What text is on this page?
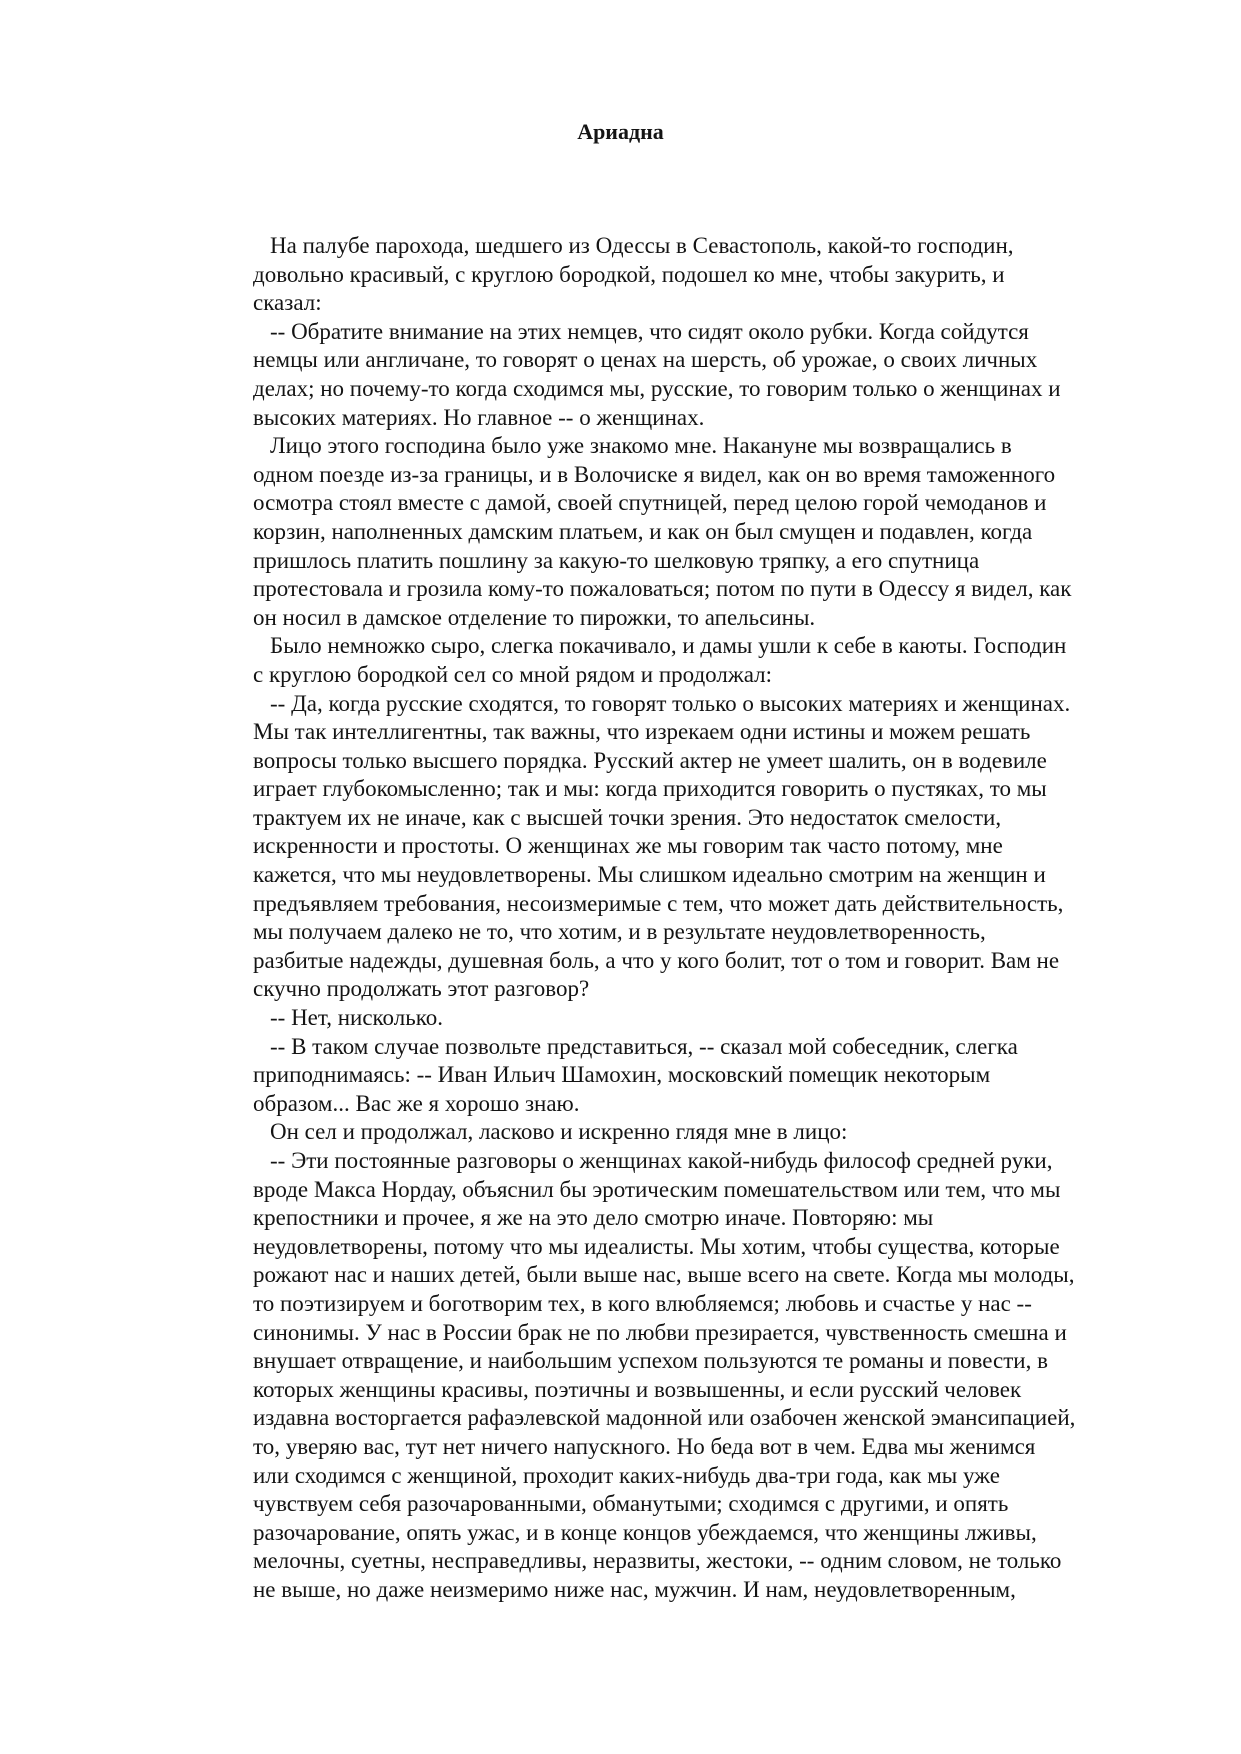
Ариадна
На палубе парохода, шедшего из Одессы в Севастополь, какой-то господин,
довольно красивый, с круглою бородкой, подошел ко мне, чтобы закурить, и
сказал:
-- Обратите внимание на этих немцев, что сидят около рубки. Когда сойдутся
немцы или англичане, то говорят о ценах на шерсть, об урожае, о своих личных
делах; но почему-то когда сходимся мы, русские, то говорим только о женщинах и
высоких материях. Но главное -- о женщинах.
Лицо этого господина было уже знакомо мне. Накануне мы возвращались в
одном поезде из-за границы, и в Волочиске я видел, как он во время таможенного
осмотра стоял вместе с дамой, своей спутницей, перед целою горой чемоданов и
корзин, наполненных дамским платьем, и как он был смущен и подавлен, когда
пришлось платить пошлину за какую-то шелковую тряпку, а его спутница
протестовала и грозила кому-то пожаловаться; потом по пути в Одессу я видел, как
он носил в дамское отделение то пирожки, то апельсины.
Было немножко сыро, слегка покачивало, и дамы ушли к себе в каюты. Господин
с круглою бородкой сел со мной рядом и продолжал:
-- Да, когда русские сходятся, то говорят только о высоких материях и женщинах.
Мы так интеллигентны, так важны, что изрекаем одни истины и можем решать
вопросы только высшего порядка. Русский актер не умеет шалить, он в водевиле
играет глубокомысленно; так и мы: когда приходится говорить о пустяках, то мы
трактуем их не иначе, как с высшей точки зрения. Это недостаток смелости,
искренности и простоты. О женщинах же мы говорим так часто потому, мне
кажется, что мы неудовлетворены. Мы слишком идеально смотрим на женщин и
предъявляем требования, несоизмеримые с тем, что может дать действительность,
мы получаем далеко не то, что хотим, и в результате неудовлетворенность,
разбитые надежды, душевная боль, а что у кого болит, тот о том и говорит. Вам не
скучно продолжать этот разговор?
-- Нет, нисколько.
-- В таком случае позвольте представиться, -- сказал мой собеседник, слегка
приподнимаясь: -- Иван Ильич Шамохин, московский помещик некоторым
образом... Вас же я хорошо знаю.
Он сел и продолжал, ласково и искренно глядя мне в лицо:
-- Эти постоянные разговоры о женщинах какой-нибудь философ средней руки,
вроде Макса Нордау, объяснил бы эротическим помешательством или тем, что мы
крепостники и прочее, я же на это дело смотрю иначе. Повторяю: мы
неудовлетворены, потому что мы идеалисты. Мы хотим, чтобы существа, которые
рожают нас и наших детей, были выше нас, выше всего на свете. Когда мы молоды,
то поэтизируем и боготворим тех, в кого влюбляемся; любовь и счастье у нас --
синонимы. У нас в России брак не по любви презирается, чувственность смешна и
внушает отвращение, и наибольшим успехом пользуются те романы и повести, в
которых женщины красивы, поэтичны и возвышенны, и если русский человек
издавна восторгается рафаэлевской мадонной или озабочен женской эмансипацией,
то, уверяю вас, тут нет ничего напускного. Но беда вот в чем. Едва мы женимся
или сходимся с женщиной, проходит каких-нибудь два-три года, как мы уже
чувствуем себя разочарованными, обманутыми; сходимся с другими, и опять
разочарование, опять ужас, и в конце концов убеждаемся, что женщины лживы,
мелочны, суетны, несправедливы, неразвиты, жестоки, -- одним словом, не только
не выше, но даже неизмеримо ниже нас, мужчин. И нам, неудовлетворенным,
